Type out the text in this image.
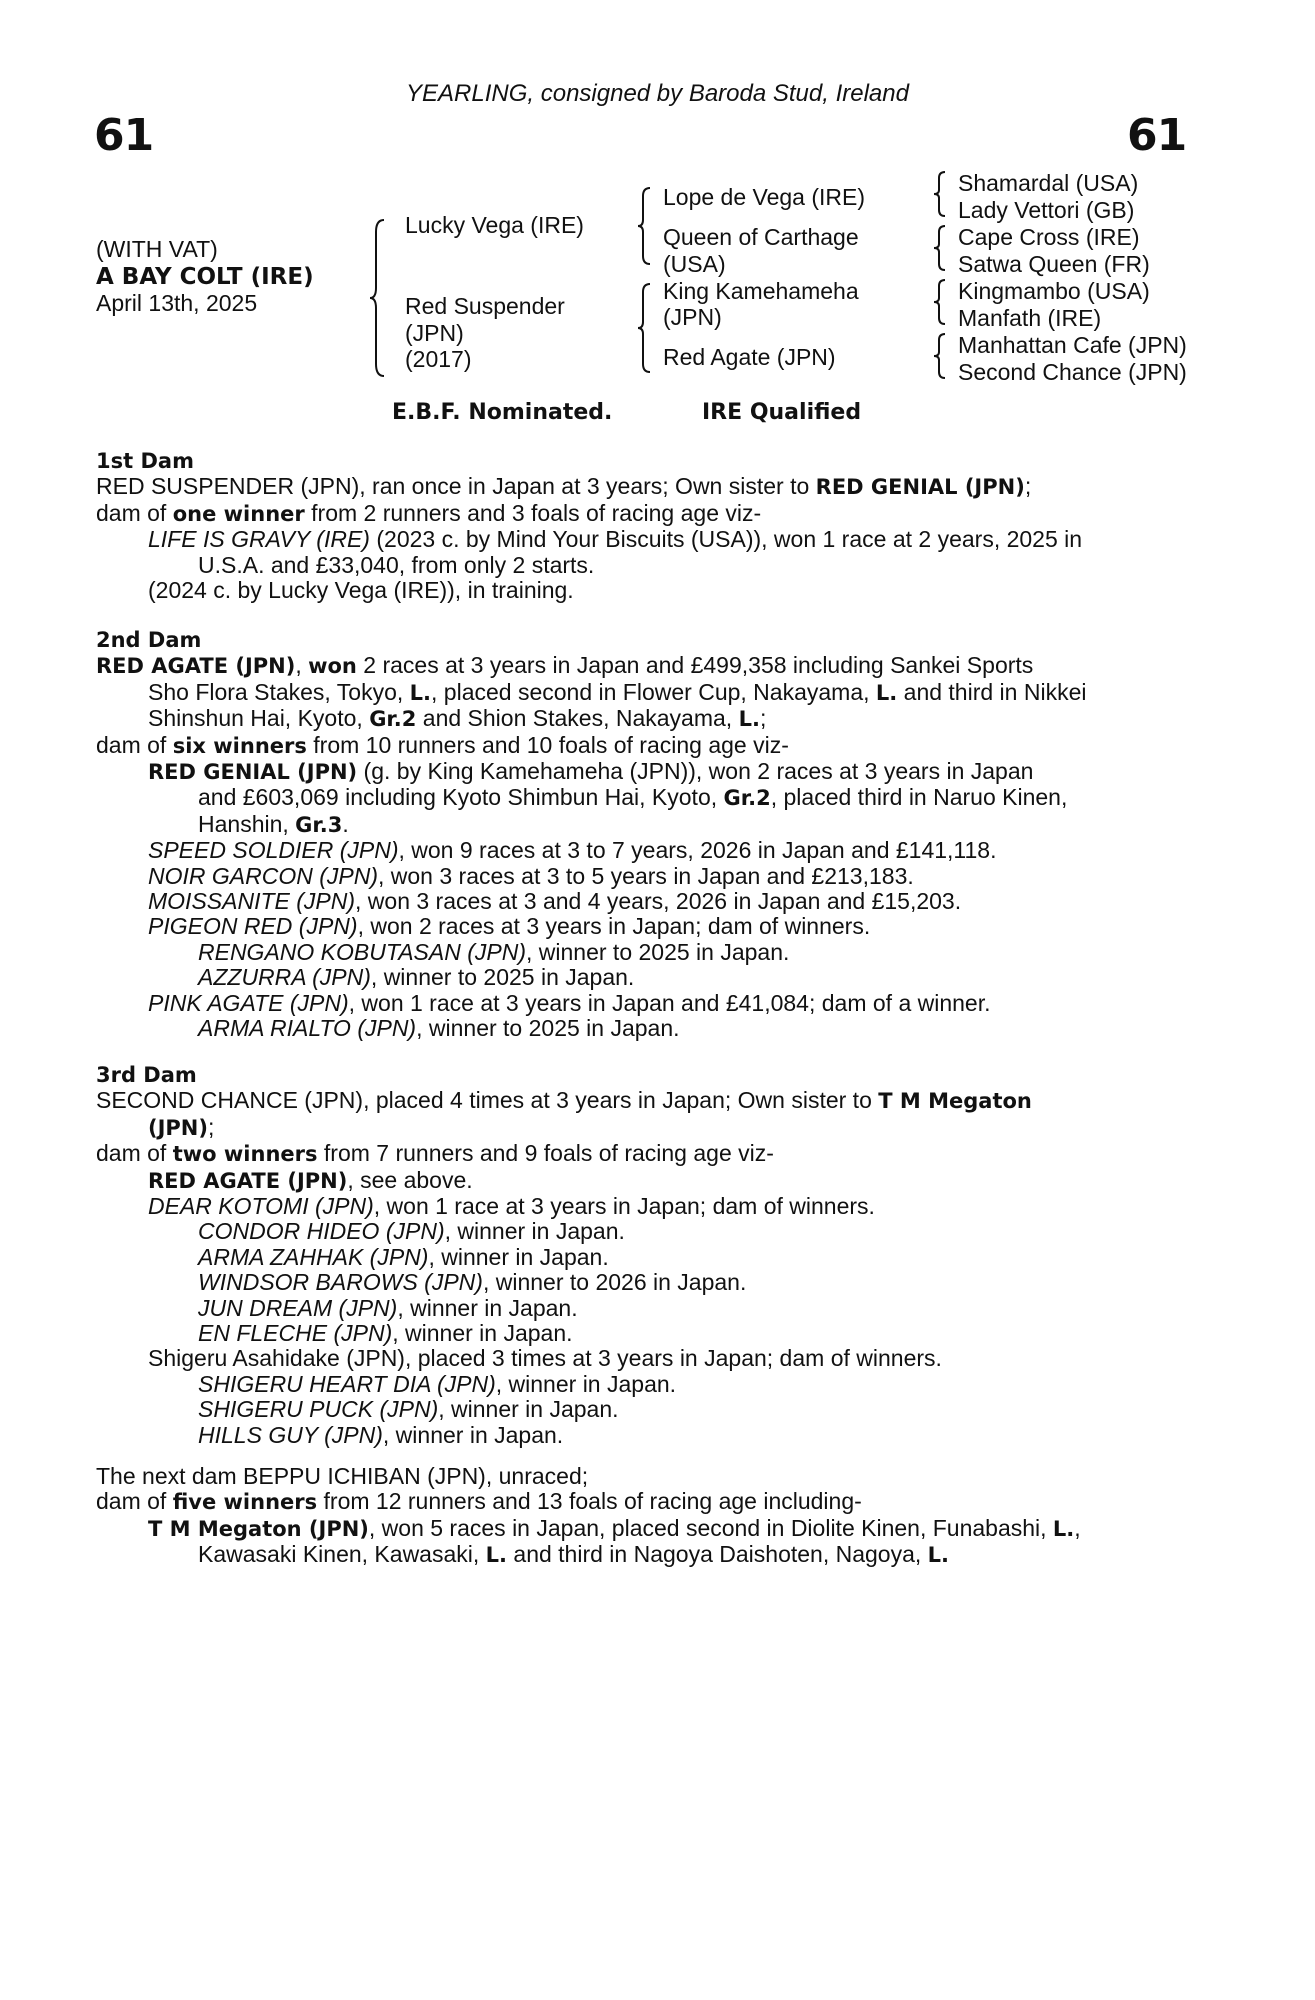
YEARLING, consigned by Baroda Stud, Ireland
61	61
(WITH VAT)
A BAY COLT (IRE)
April 13th, 2025
Lucky Vega (IRE)
Red Suspender
(JPN)
(2017)
Lope de Vega (IRE)
Queen of Carthage
(USA)
King Kamehameha
(JPN)
Red Agate (JPN)
Shamardal (USA)
Lady Vettori (GB)
Cape Cross (IRE)
Satwa Queen (FR)
Kingmambo (USA)
Manfath (IRE)
Manhattan Cafe (JPN)
Second Chance (JPN)
E.B.F. Nominated.	IRE Qualified
1st Dam
RED SUSPENDER (JPN), ran once in Japan at 3 years; Own sister to RED GENIAL (JPN);
dam of one winner from 2 runners and 3 foals of racing age viz-
LIFE IS GRAVY (IRE) (2023 c. by Mind Your Biscuits (USA)), won 1 race at 2 years, 2025 in
U.S.A. and £33,040, from only 2 starts.
(2024 c. by Lucky Vega (IRE)), in training.
2nd Dam
RED AGATE (JPN), won 2 races at 3 years in Japan and £499,358 including Sankei Sports
Sho Flora Stakes, Tokyo, L., placed second in Flower Cup, Nakayama, L. and third in Nikkei
Shinshun Hai, Kyoto, Gr.2 and Shion Stakes, Nakayama, L.;
dam of six winners from 10 runners and 10 foals of racing age viz-
RED GENIAL (JPN) (g. by King Kamehameha (JPN)), won 2 races at 3 years in Japan
and £603,069 including Kyoto Shimbun Hai, Kyoto, Gr.2, placed third in Naruo Kinen,
Hanshin, Gr.3.
SPEED SOLDIER (JPN), won 9 races at 3 to 7 years, 2026 in Japan and £141,118.
NOIR GARCON (JPN), won 3 races at 3 to 5 years in Japan and £213,183.
MOISSANITE (JPN), won 3 races at 3 and 4 years, 2026 in Japan and £15,203.
PIGEON RED (JPN), won 2 races at 3 years in Japan; dam of winners.
RENGANO KOBUTASAN (JPN), winner to 2025 in Japan.
AZZURRA (JPN), winner to 2025 in Japan.
PINK AGATE (JPN), won 1 race at 3 years in Japan and £41,084; dam of a winner.
ARMA RIALTO (JPN), winner to 2025 in Japan.
3rd Dam
SECOND CHANCE (JPN), placed 4 times at 3 years in Japan; Own sister to T M Megaton
(JPN);
dam of two winners from 7 runners and 9 foals of racing age viz-
RED AGATE (JPN), see above.
DEAR KOTOMI (JPN), won 1 race at 3 years in Japan; dam of winners.
CONDOR HIDEO (JPN), winner in Japan.
ARMA ZAHHAK (JPN), winner in Japan.
WINDSOR BAROWS (JPN), winner to 2026 in Japan.
JUN DREAM (JPN), winner in Japan.
EN FLECHE (JPN), winner in Japan.
Shigeru Asahidake (JPN), placed 3 times at 3 years in Japan; dam of winners.
SHIGERU HEART DIA (JPN), winner in Japan.
SHIGERU PUCK (JPN), winner in Japan.
HILLS GUY (JPN), winner in Japan.
The next dam BEPPU ICHIBAN (JPN), unraced;
dam of five winners from 12 runners and 13 foals of racing age including-
T M Megaton (JPN), won 5 races in Japan, placed second in Diolite Kinen, Funabashi, L.,
Kawasaki Kinen, Kawasaki, L. and third in Nagoya Daishoten, Nagoya, L.
